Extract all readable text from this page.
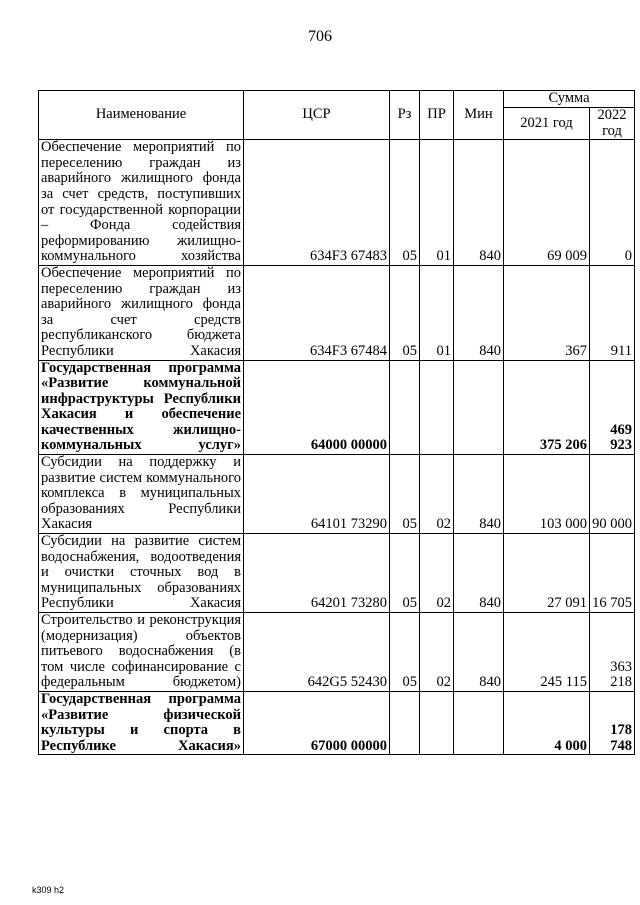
706
Наименование	ЦСР	Рз	ПР	Мин	Сумма	
					2021 год	2022 год
Обеспечение мероприятий по переселению граждан из аварийного жилищного фонда за счет средств, поступивших от государственной корпорации – Фонда содействия реформированию жилищно-коммунального хозяйства	634F3 67483	05	01	840	69 009	0
Обеспечение мероприятий по переселению граждан из аварийного жилищного фонда за счет средств республиканского бюджета Республики Хакасия	634F3 67484	05	01	840	367	911
Государственная программа «Развитие коммунальной инфраструктуры Республики Хакасия и обеспечение качественных жилищно-коммунальных услуг»	64000 00000				375 206	469 923
Субсидии на поддержку и развитие систем коммунального комплекса в муниципальных образованиях Республики Хакасия	64101 73290	05	02	840	103 000	90 000
Субсидии на развитие систем водоснабжения, водоотведения и очистки сточных вод в муниципальных образованиях Республики Хакасия	64201 73280	05	02	840	27 091	16 705
Строительство и реконструкция (модернизация) объектов питьевого водоснабжения (в том числе софинансирование с федеральным бюджетом)	642G5 52430	05	02	840	245 115	363 218
Государственная программа «Развитие физической культуры и спорта в Республике Хакасия»	67000 00000				4 000	178 748
k309 h2
